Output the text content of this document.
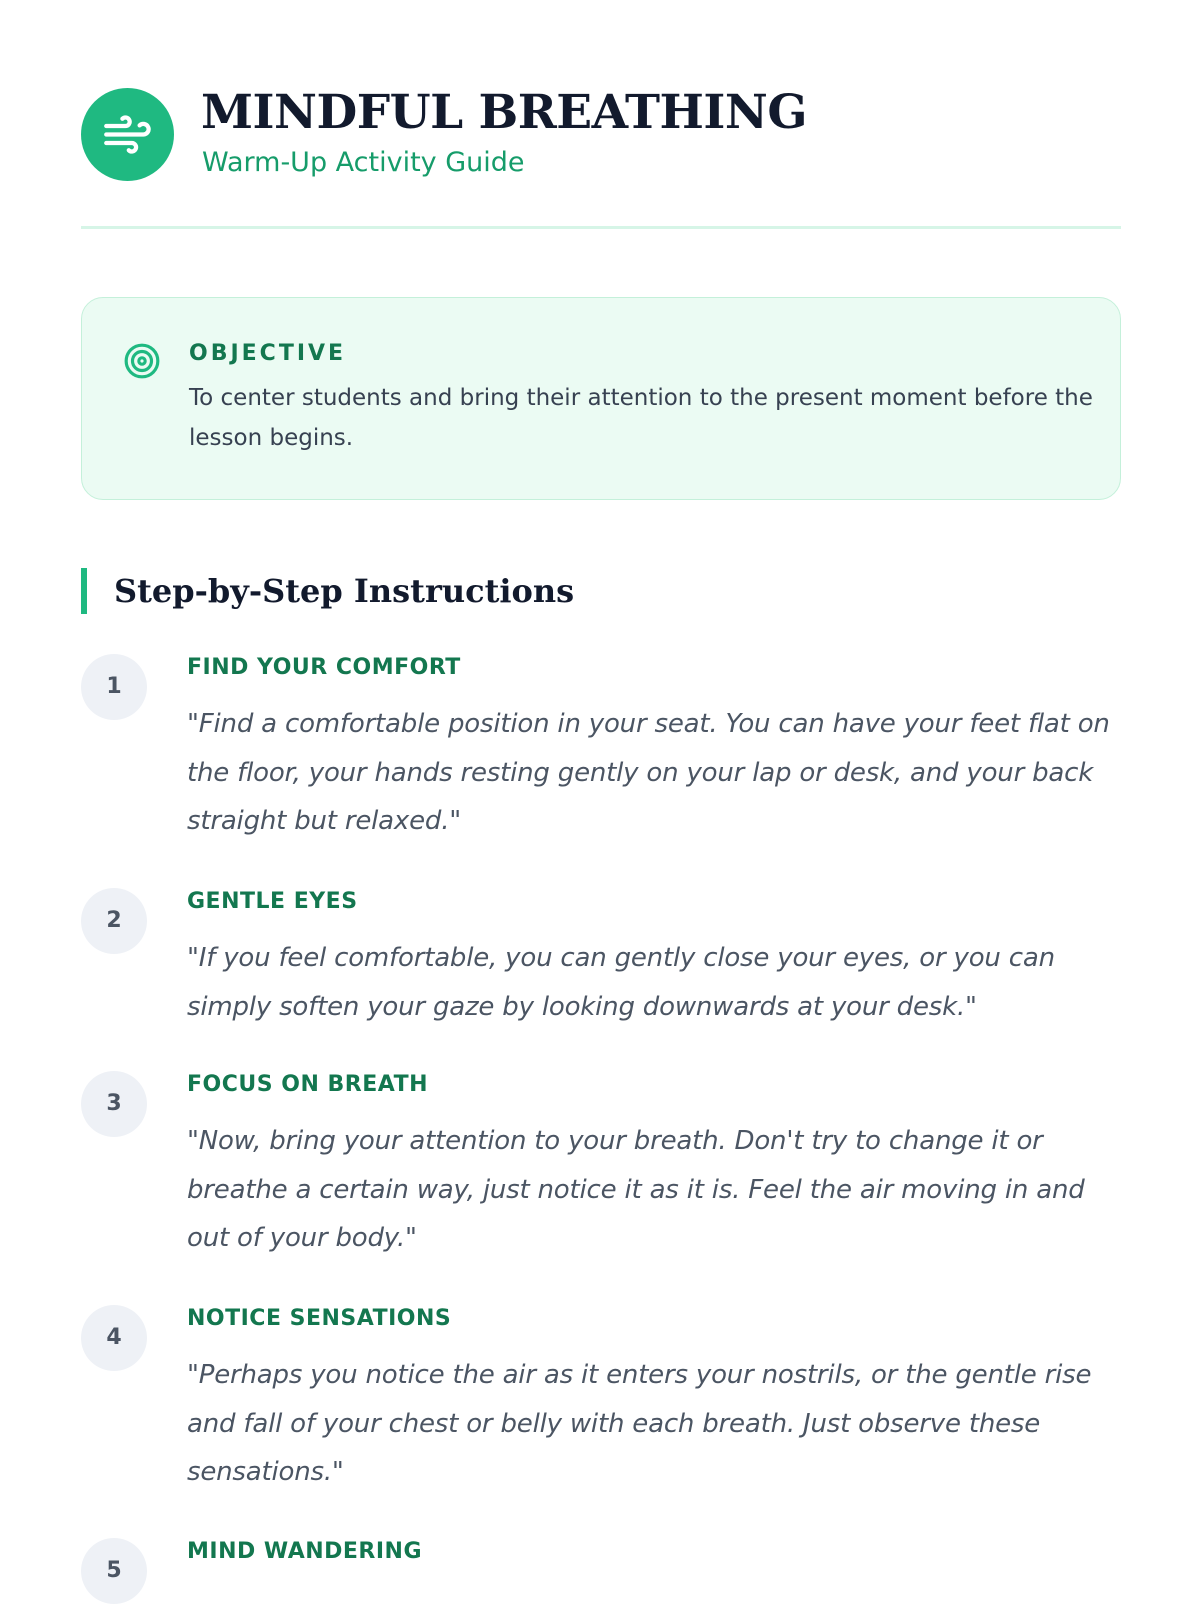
MINDFUL BREATHING
Warm-Up Activity Guide
OBJECTIVE
To center students and bring their attention to the present moment before the lesson begins.
Step-by-Step Instructions
1
FIND YOUR COMFORT
"Find a comfortable position in your seat. You can have your feet flat on the floor, your hands resting gently on your lap or desk, and your back straight but relaxed."
2
GENTLE EYES
"If you feel comfortable, you can gently close your eyes, or you can simply soften your gaze by looking downwards at your desk."
3
FOCUS ON BREATH
"Now, bring your attention to your breath. Don't try to change it or breathe a certain way, just notice it as it is. Feel the air moving in and out of your body."
4
NOTICE SENSATIONS
"Perhaps you notice the air as it enters your nostrils, or the gentle rise and fall of your chest or belly with each breath. Just observe these sensations."
5
MIND WANDERING
